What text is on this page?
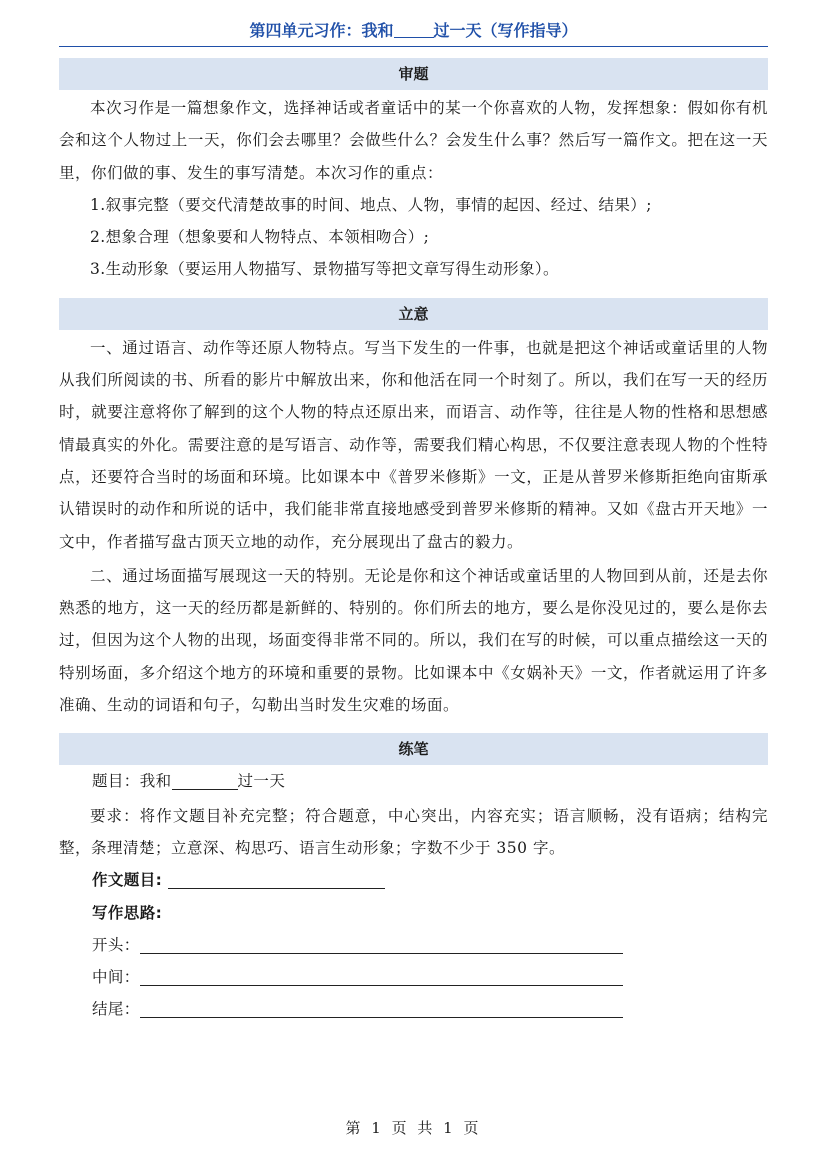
第四单元习作：我和	过一天（写作指导）
审题
本次习作是一篇想象作文，选择神话或者童话中的某一个你喜欢的人物，发挥想象：假如你有机会和这个人物过上一天，你们会去哪里？会做些什么？会发生什么事？然后写一篇作文。把在这一天里，你们做的事、发生的事写清楚。本次习作的重点：
1.叙事完整（要交代清楚故事的时间、地点、人物，事情的起因、经过、结果）;
2.想象合理（想象要和人物特点、本领相吻合）;
3.生动形象（要运用人物描写、景物描写等把文章写得生动形象）。
立意
一、通过语言、动作等还原人物特点。写当下发生的一件事，也就是把这个神话或童话里的人物从我们所阅读的书、所看的影片中解放出来，你和他活在同一个时刻了。所以，我们在写一天的经历时，就要注意将你了解到的这个人物的特点还原出来，而语言、动作等，往往是人物的性格和思想感情最真实的外化。需要注意的是写语言、动作等，需要我们精心构思，不仅要注意表现人物的个性特点，还要符合当时的场面和环境。比如课本中《普罗米修斯》一文，正是从普罗米修斯拒绝向宙斯承认错误时的动作和所说的话中，我们能非常直接地感受到普罗米修斯的精神。又如《盘古开天地》一文中，作者描写盘古顶天立地的动作，充分展现出了盘古的毅力。
二、通过场面描写展现这一天的特别。无论是你和这个神话或童话里的人物回到从前，还是去你熟悉的地方，这一天的经历都是新鲜的、特别的。你们所去的地方，要么是你没见过的，要么是你去过，但因为这个人物的出现，场面变得非常不同的。所以，我们在写的时候，可以重点描绘这一天的特别场面，多介绍这个地方的环境和重要的景物。比如课本中《女娲补天》一文，作者就运用了许多准确、生动的词语和句子，勾勒出当时发生灾难的场面。
练笔
题目：我和	过一天
要求：将作文题目补充完整；符合题意，中心突出，内容充实；语言顺畅，没有语病；结构完整，条理清楚；立意深、构思巧、语言生动形象；字数不少于 350 字。
作文题目:
写作思路:
开头：
中间：
结尾：
第 1 页 共 1 页
